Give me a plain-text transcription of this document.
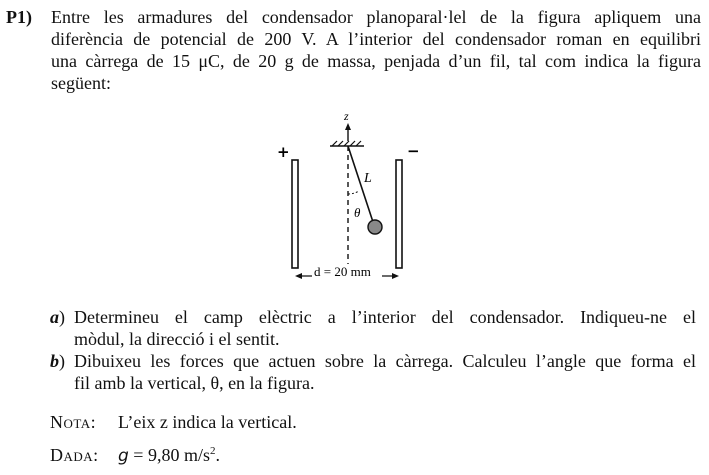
P1) Entre les armadures del condensador planoparal·lel de la figura apliquem una
diferència de potencial de 200 V. A l’interior del condensador roman en equilibri
una càrrega de 15 μC, de 20 g de massa, penjada d’un fil, tal com indica la figura
següent:
+	−
z
L
θ
d = 20 mm
a) Determineu el camp elèctric a l’interior del condensador. Indiqueu-ne el
mòdul, la direcció i el sentit.
b) Dibuixeu les forces que actuen sobre la càrrega. Calculeu l’angle que forma el
fil amb la vertical, θ, en la figura.
Nota: L’eix z indica la vertical.
Dada: g = 9,80 $m/s^2$.
